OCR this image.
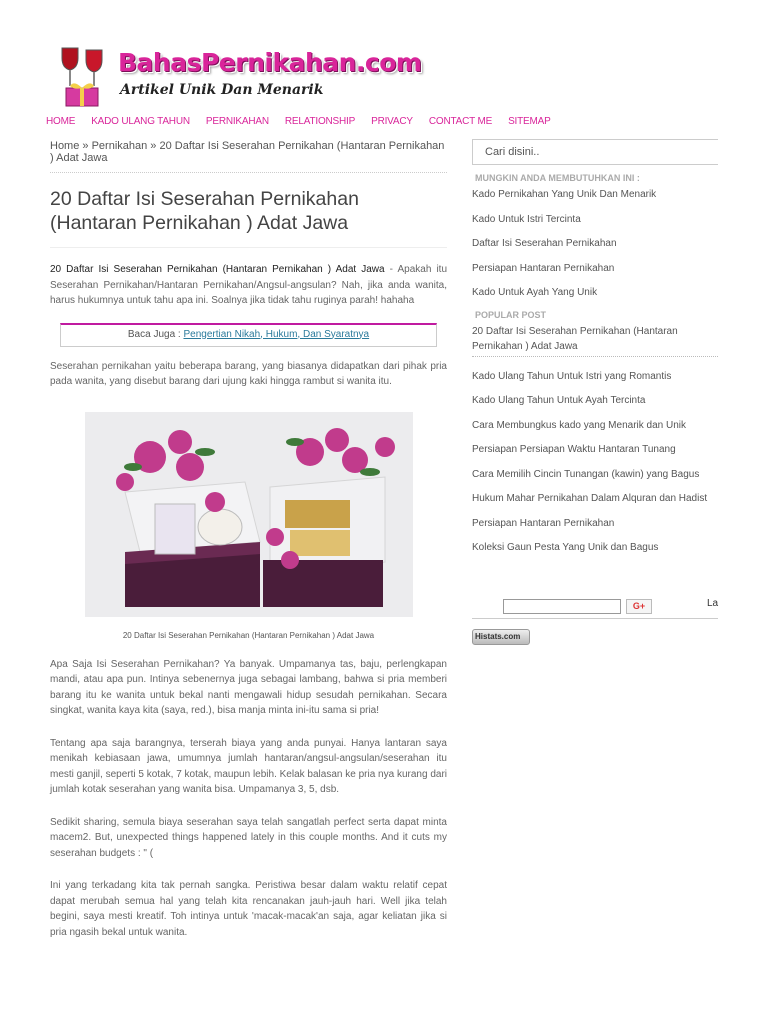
BahasPernikahan.com
Artikel Unik Dan Menarik
HOME KADO ULANG TAHUN PERNIKAHAN RELATIONSHIP PRIVACY CONTACT ME SITEMAP
Home » Pernikahan » 20 Daftar Isi Seserahan Pernikahan (Hantaran Pernikahan ) Adat Jawa
20 Daftar Isi Seserahan Pernikahan (Hantaran Pernikahan ) Adat Jawa

20 Daftar Isi Seserahan Pernikahan (Hantaran Pernikahan ) Adat Jawa - Apakah itu Seserahan Pernikahan/Hantaran Pernikahan/Angsul-angsulan? Nah, jika anda wanita, harus hukumnya untuk tahu apa ini. Soalnya jika tidak tahu ruginya parah! hahaha

Baca Juga : Pengertian Nikah, Hukum, Dan Syaratnya

Seserahan pernikahan yaitu beberapa barang, yang biasanya didapatkan dari pihak pria pada wanita, yang disebut barang dari ujung kaki hingga rambut si wanita itu.

20 Daftar Isi Seserahan Pernikahan (Hantaran Pernikahan ) Adat Jawa

Apa Saja Isi Seserahan Pernikahan? Ya banyak. Umpamanya tas, baju, perlengkapan mandi, atau apa pun. Intinya sebenernya juga sebagai lambang, bahwa si pria memberi barang itu ke wanita untuk bekal nanti mengawali hidup sesudah pernikahan. Secara singkat, wanita kaya kita (saya, red.), bisa manja minta ini-itu sama si pria!

Tentang apa saja barangnya, terserah biaya yang anda punyai. Hanya lantaran saya menikah kebiasaan jawa, umumnya jumlah hantaran/angsul-angsulan/seserahan itu mesti ganjil, seperti 5 kotak, 7 kotak, maupun lebih. Kelak balasan ke pria nya kurang dari jumlah kotak seserahan yang wanita bisa. Umpamanya 3, 5, dsb.

Sedikit sharing, semula biaya seserahan saya telah sangatlah perfect serta dapat minta macem2. But, unexpected things happened lately in this couple months. And it cuts my seserahan budgets : " (

Ini yang terkadang kita tak pernah sangka. Peristiwa besar dalam waktu relatif cepat dapat merubah semua hal yang telah kita rencanakan jauh-jauh hari. Well jika telah begini, saya mesti kreatif. Toh intinya untuk 'macak-macak'an saja, agar keliatan jika si pria ngasih bekal untuk wanita.

Cari disini..
MUNGKIN ANDA MEMBUTUHKAN INI :
Kado Pernikahan Yang Unik Dan Menarik
Kado Untuk Istri Tercinta
Daftar Isi Seserahan Pernikahan
Persiapan Hantaran Pernikahan
Kado Untuk Ayah Yang Unik
POPULAR POST
20 Daftar Isi Seserahan Pernikahan (Hantaran Pernikahan ) Adat Jawa
Kado Ulang Tahun Untuk Istri yang Romantis
Kado Ulang Tahun Untuk Ayah Tercinta
Cara Membungkus kado yang Menarik dan Unik
Persiapan Persiapan Waktu Hantaran Tunang
Cara Memilih Cincin Tunangan (kawin) yang Bagus
Hukum Mahar Pernikahan Dalam Alquran dan Hadist
Persiapan Hantaran Pernikahan
Koleksi Gaun Pesta Yang Unik dan Bagus
G+	La
Histats.com
